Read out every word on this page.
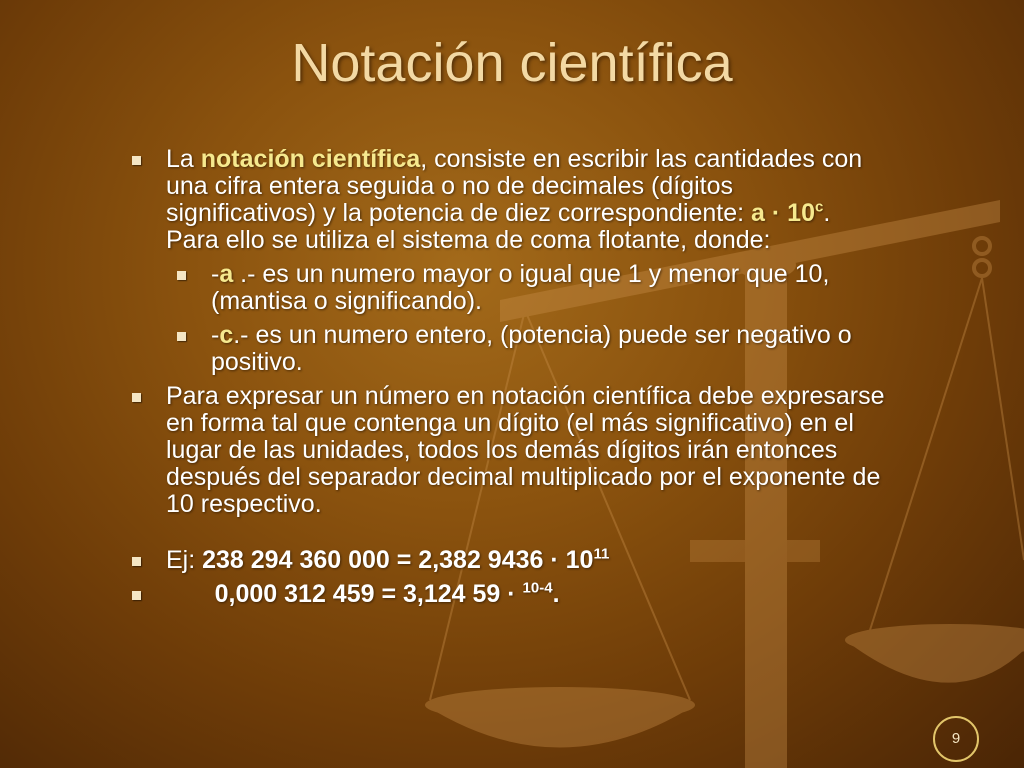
Notación científica
La notación científica, consiste en escribir las cantidades con una cifra entera seguida o no de decimales (dígitos significativos) y la potencia de diez correspondiente: $a \cdot 10^c$. Para ello se utiliza el sistema de coma flotante, donde:
-a .- es un numero mayor o igual que 1 y menor que 10, (mantisa o significando).
-c.- es un numero entero, (potencia) puede ser negativo o positivo.
Para expresar un número en notación científica debe expresarse en forma tal que contenga un dígito (el más significativo) en el lugar de las unidades, todos los demás dígitos irán entonces después del separador decimal multiplicado por el exponente de 10 respectivo.
Ej: 238 294 360 000 = 2,382 $9436 \cdot 10^{11}$
0,000 312 459 = 3,124 59 · $^{10-4}$.
9
